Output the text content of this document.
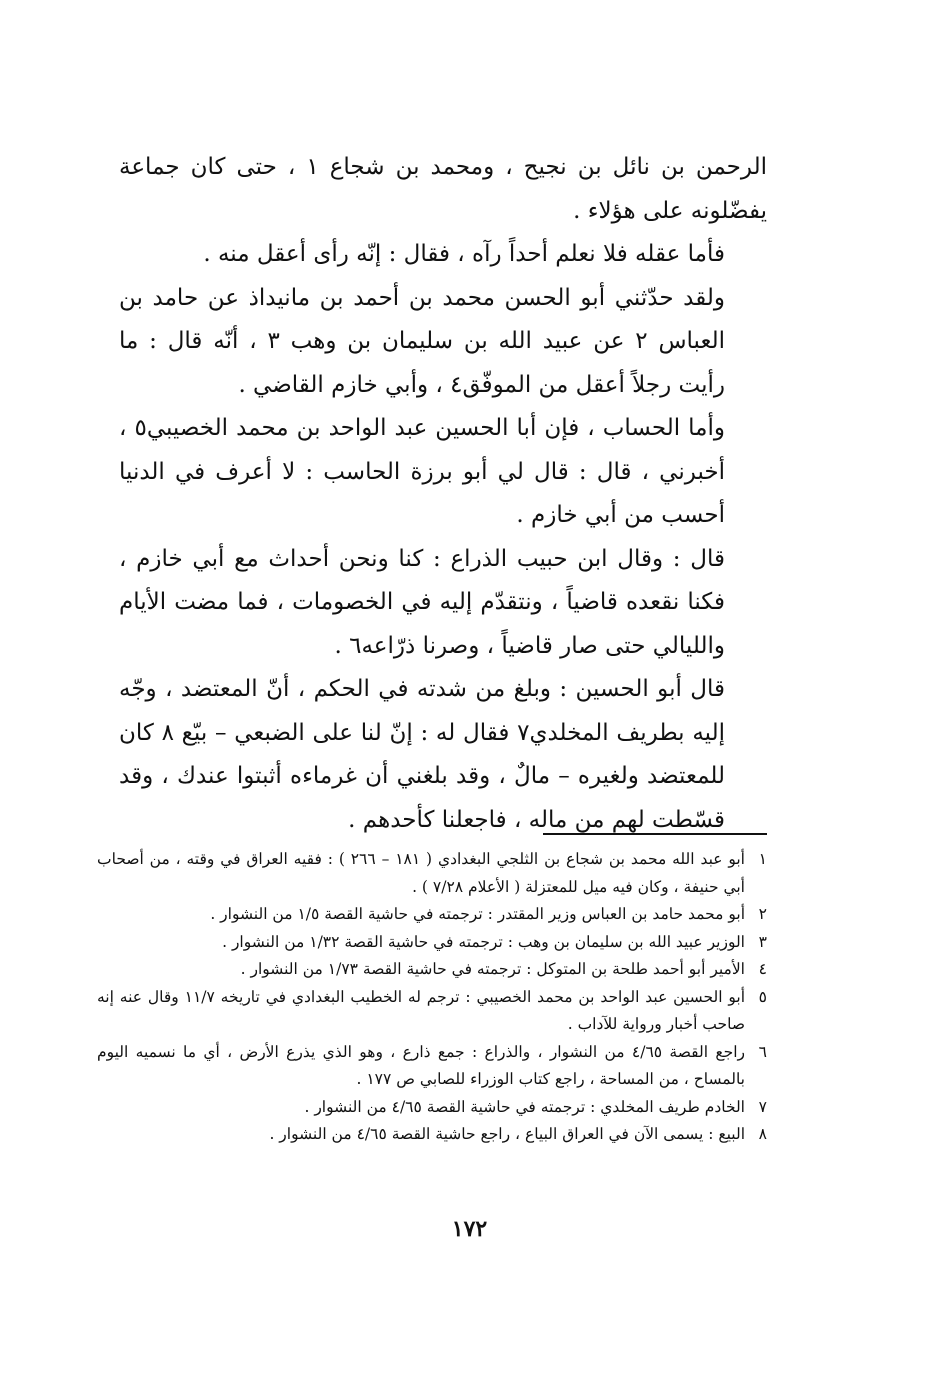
الرحمن بن نائل بن نجيح ، ومحمد بن شجاع ١ ، حتى كان جماعة يفضّلونه على هؤلاء .

فأما عقله فلا نعلم أحداً رآه ، فقال : إنّه رأى أعقل منه .

ولقد حدّثني أبو الحسن محمد بن أحمد بن مانيداذ عن حامد بن العباس ٢ عن عبيد الله بن سليمان بن وهب ٣ ، أنّه قال : ما رأيت رجلاً أعقل من الموفّق٤ ، وأبي خازم القاضي .

وأما الحساب ، فإن أبا الحسين عبد الواحد بن محمد الخصيبي٥ ، أخبرني ، قال : قال لي أبو برزة الحاسب : لا أعرف في الدنيا أحسب من أبي خازم .

قال : وقال ابن حبيب الذراع : كنا ونحن أحداث مع أبي خازم ، فكنا نقعده قاضياً ، ونتقدّم إليه في الخصومات ، فما مضت الأيام والليالي حتى صار قاضياً ، وصرنا ذرّاعه٦ .

قال أبو الحسين : وبلغ من شدته في الحكم ، أنّ المعتضد ، وجّه إليه بطريف المخلدي٧ فقال له : إنّ لنا على الضبعي – بيّع ٨ كان للمعتضد ولغيره – مالٌ ، وقد بلغني أن غرماءه أثبتوا عندك ، وقد قسّطت لهم من ماله ، فاجعلنا كأحدهم .

١
أبو عبد الله محمد بن شجاع بن الثلجي البغدادي ( ١٨١ – ٢٦٦ ) : فقيه العراق في وقته ، من أصحاب أبي حنيفة ، وكان فيه ميل للمعتزلة ( الأعلام ٧/٢٨ ) .
٢
أبو محمد حامد بن العباس وزير المقتدر : ترجمته في حاشية القصة ١/٥ من النشوار .
٣
الوزير عبيد الله بن سليمان بن وهب : ترجمته في حاشية القصة ١/٣٢ من النشوار .
٤
الأمير أبو أحمد طلحة بن المتوكل : ترجمته في حاشية القصة ١/٧٣ من النشوار .
٥
أبو الحسين عبد الواحد بن محمد الخصيبي : ترجم له الخطيب البغدادي في تاريخه ١١/٧ وقال عنه إنه صاحب أخبار ورواية للآداب .
٦
راجع القصة ٤/٦٥ من النشوار ، والذراع : جمع ذارع ، وهو الذي يذرع الأرض ، أي ما نسميه اليوم بالمساح ، من المساحة ، راجع كتاب الوزراء للصابي ص ١٧٧ .
٧
الخادم طريف المخلدي : ترجمته في حاشية القصة ٤/٦٥ من النشوار .
٨
البيع : يسمى الآن في العراق البياع ، راجع حاشية القصة ٤/٦٥ من النشوار .
١٧٢
